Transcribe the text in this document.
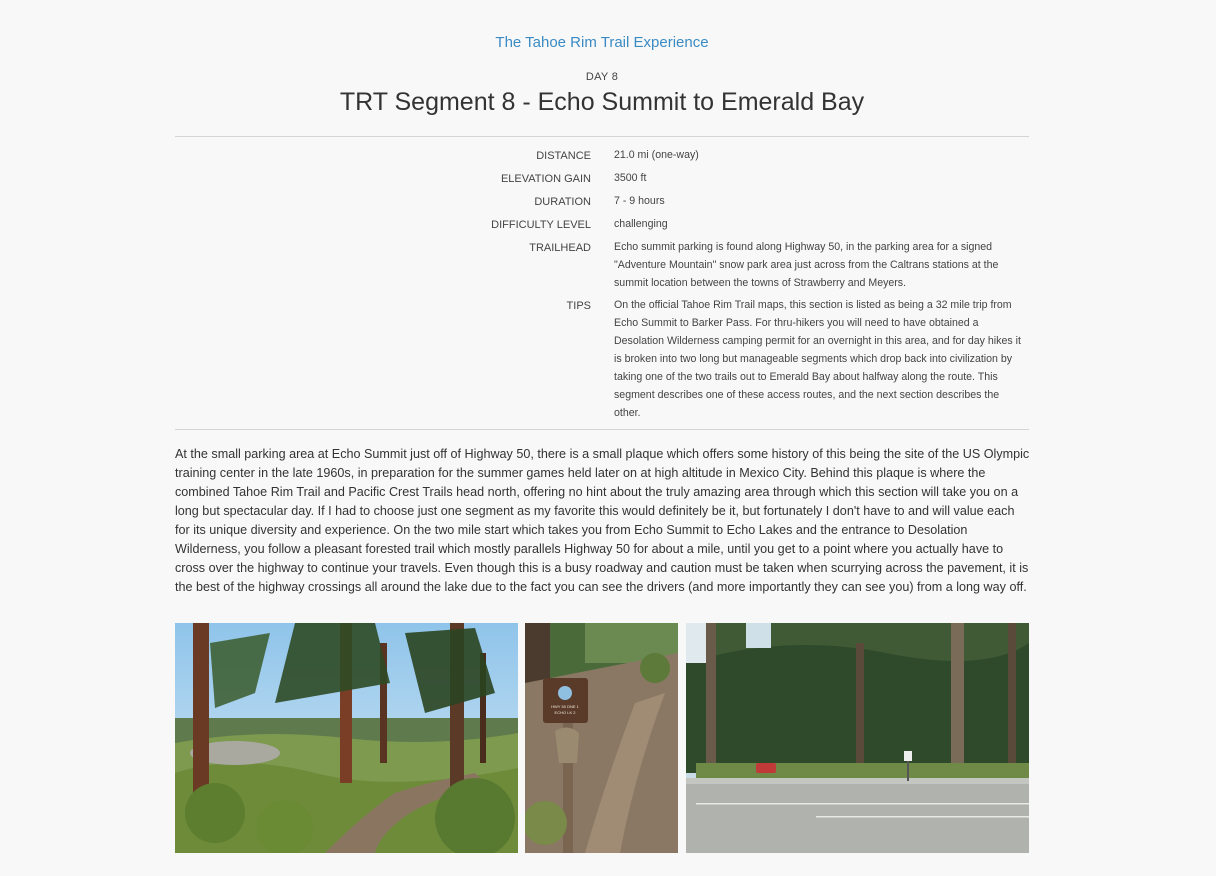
The Tahoe Rim Trail Experience
DAY 8
TRT Segment 8 - Echo Summit to Emerald Bay
DISTANCE 21.0 mi (one-way)
ELEVATION GAIN 3500 ft
DURATION 7 - 9 hours
DIFFICULTY LEVEL challenging
TRAILHEAD Echo summit parking is found along Highway 50, in the parking area for a signed "Adventure Mountain" snow park area just across from the Caltrans stations at the summit location between the towns of Strawberry and Meyers.
TIPS On the official Tahoe Rim Trail maps, this section is listed as being a 32 mile trip from Echo Summit to Barker Pass. For thru-hikers you will need to have obtained a Desolation Wilderness camping permit for an overnight in this area, and for day hikes it is broken into two long but manageable segments which drop back into civilization by taking one of the two trails out to Emerald Bay about halfway along the route. This segment describes one of these access routes, and the next section describes the other.

At the small parking area at Echo Summit just off of Highway 50, there is a small plaque which offers some history of this being the site of the US Olympic training center in the late 1960s, in preparation for the summer games held later on at high altitude in Mexico City. Behind this plaque is where the combined Tahoe Rim Trail and Pacific Crest Trails head north, offering no hint about the truly amazing area through which this section will take you on a long but spectacular day. If I had to choose just one segment as my favorite this would definitely be it, but fortunately I don't have to and will value each for its unique diversity and experience. On the two mile start which takes you from Echo Summit to Echo Lakes and the entrance to Desolation Wilderness, you follow a pleasant forested trail which mostly parallels Highway 50 for about a mile, until you get to a point where you actually have to cross over the highway to continue your travels. Even though this is a busy roadway and caution must be taken when scurrying across the pavement, it is the best of the highway crossings all around the lake due to the fact you can see the drivers (and more importantly they can see you) from a long way off.

HWY 50 DNE 1
ECHO LK 2
